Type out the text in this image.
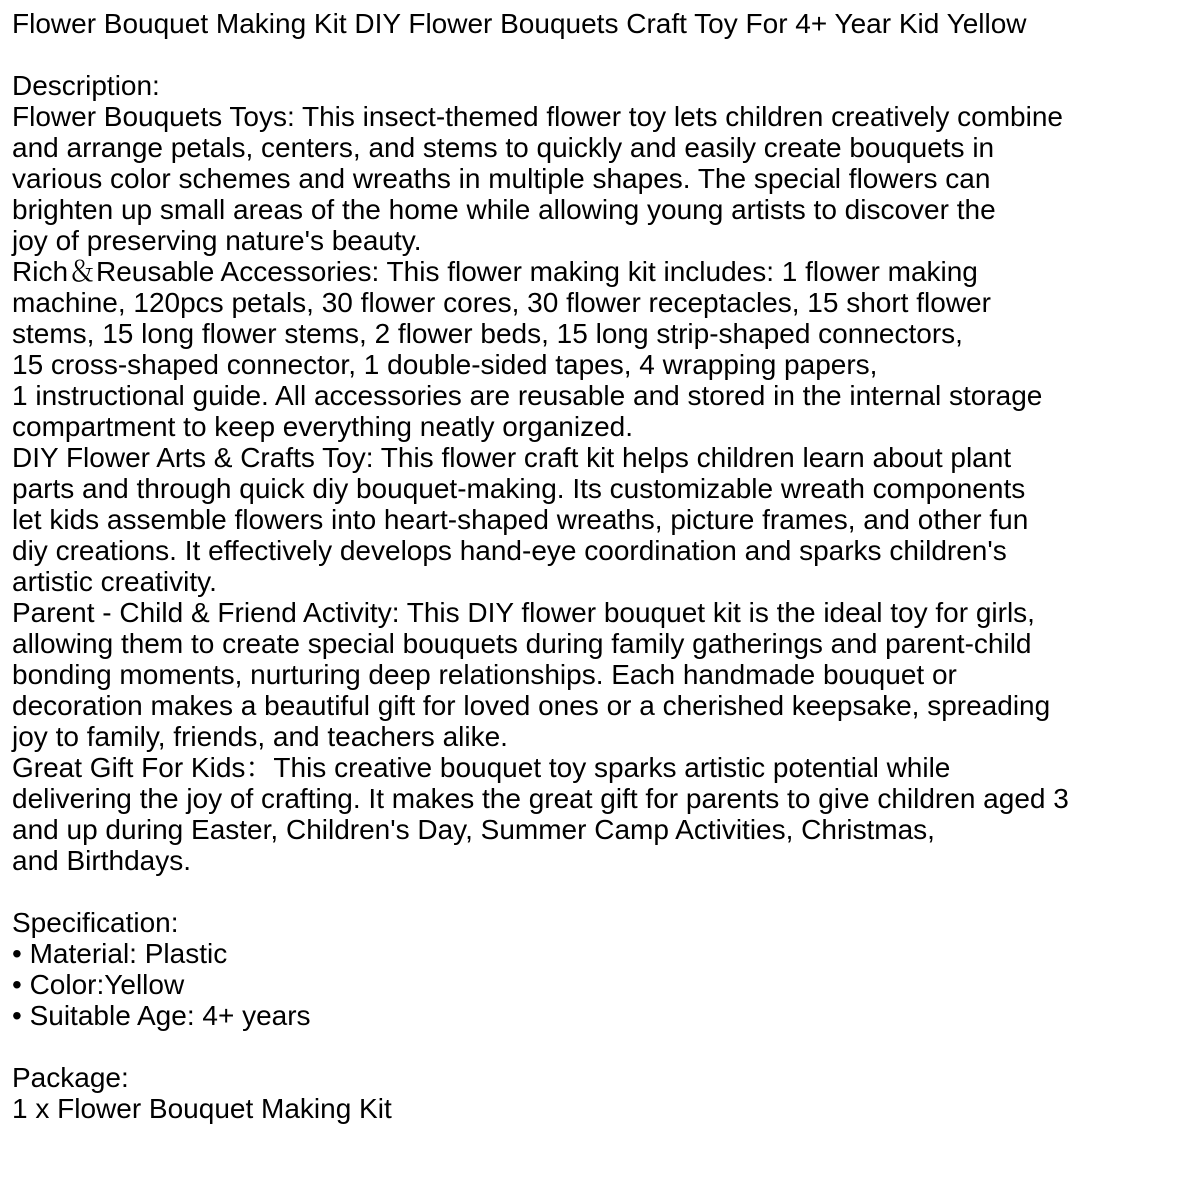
Flower Bouquet Making Kit DIY Flower Bouquets Craft Toy For 4+ Year Kid Yellow
Description:
Flower Bouquets Toys: This insect-themed flower toy lets children creatively combine
and arrange petals, centers, and stems to quickly and easily create bouquets in
various color schemes and wreaths in multiple shapes. The special flowers can
brighten up small areas of the home while allowing young artists to discover the
joy of preserving nature's beauty.
Rich＆Reusable Accessories: This flower making kit includes: 1 flower making
machine, 120pcs petals, 30 flower cores, 30 flower receptacles, 15 short flower
stems, 15 long flower stems, 2 flower beds, 15 long strip-shaped connectors,
15 cross-shaped connector, 1 double-sided tapes, 4 wrapping papers,
1 instructional guide. All accessories are reusable and stored in the internal storage
compartment to keep everything neatly organized.
DIY Flower Arts & Crafts Toy: This flower craft kit helps children learn about plant
parts and through quick diy bouquet-making. Its customizable wreath components
let kids assemble flowers into heart-shaped wreaths, picture frames, and other fun
diy creations. It effectively develops hand-eye coordination and sparks children's
artistic creativity.
Parent - Child & Friend Activity: This DIY flower bouquet kit is the ideal toy for girls,
allowing them to create special bouquets during family gatherings and parent-child
bonding moments, nurturing deep relationships. Each handmade bouquet or
decoration makes a beautiful gift for loved ones or a cherished keepsake, spreading
joy to family, friends, and teachers alike.
Great Gift For Kids：This creative bouquet toy sparks artistic potential while
delivering the joy of crafting. It makes the great gift for parents to give children aged 3
and up during Easter, Children's Day, Summer Camp Activities, Christmas,
and Birthdays.
Specification:
• Material: Plastic
• Color:Yellow
• Suitable Age: 4+ years
Package:
1 x Flower Bouquet Making Kit
